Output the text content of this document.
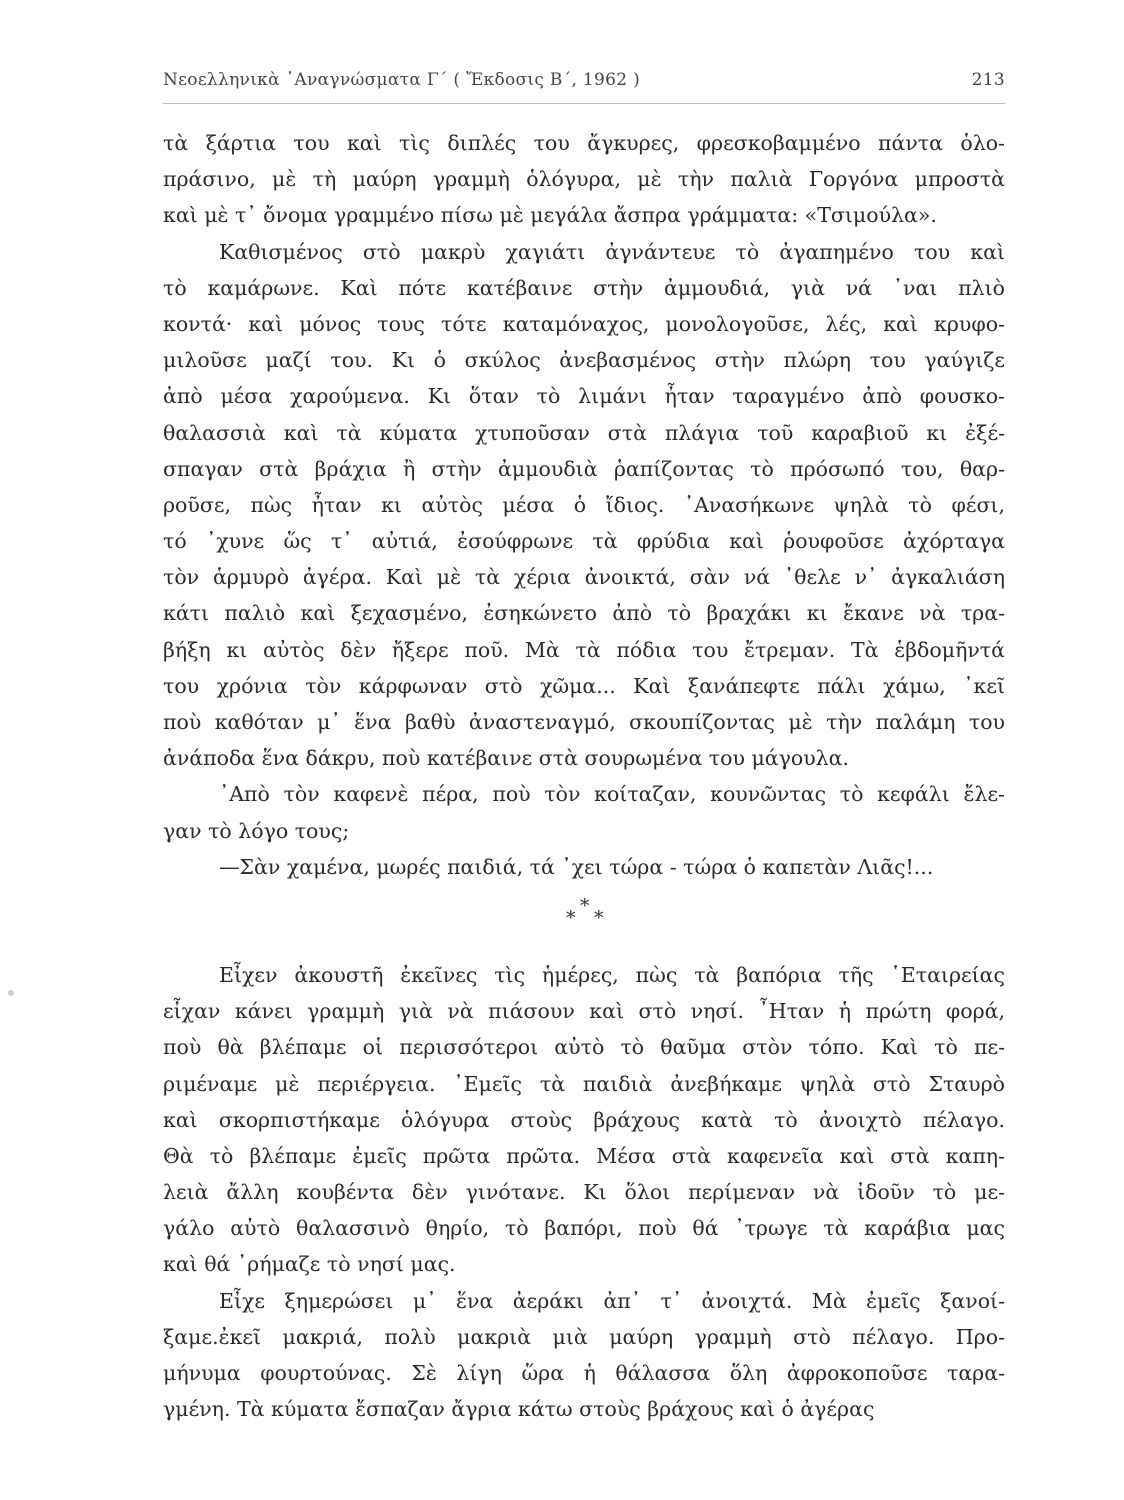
Νεοελληνικὰ ᾿Αναγνώσματα Γ΄ ( Ἔκδοσις Β΄, 1962 )	213
τὰ ξάρτια του καὶ τὶς διπλές του ἄγκυρες, φρεσκοβαμμένο πάντα ὁλο-
πράσινο, μὲ τὴ μαύρη γραμμὴ ὁλόγυρα, μὲ τὴν παλιὰ Γοργόνα μπροστὰ
καὶ μὲ τ᾿ ὄνομα γραμμένο πίσω μὲ μεγάλα ἄσπρα γράμματα: «Τσιμούλα».
Καθισμένος στὸ μακρὺ χαγιάτι ἀγνάντευε τὸ ἀγαπημένο του καὶ
τὸ καμάρωνε. Καὶ πότε κατέβαινε στὴν ἀμμουδιά, γιὰ νά ᾿ναι πλιὸ
κοντά· καὶ μόνος τους τότε καταμόναχος, μονολογοῦσε, λές, καὶ κρυφο-
μιλοῦσε μαζί του. Κι ὁ σκύλος ἀνεβασμένος στὴν πλώρη του γαύγιζε
ἀπὸ μέσα χαρούμενα. Κι ὅταν τὸ λιμάνι ἦταν ταραγμένο ἀπὸ φουσκο-
θαλασσιὰ καὶ τὰ κύματα χτυποῦσαν στὰ πλάγια τοῦ καραβιοῦ κι ἐξέ-
σπαγαν στὰ βράχια ἢ στὴν ἀμμουδιὰ ῥαπίζοντας τὸ πρόσωπό του, θαρ-
ροῦσε, πὼς ἦταν κι αὐτὸς μέσα ὁ ἴδιος. ᾿Ανασήκωνε ψηλὰ τὸ φέσι,
τό ᾿χυνε ὥς τ᾿ αὐτιά, ἐσούφρωνε τὰ φρύδια καὶ ῥουφοῦσε ἀχόρταγα
τὸν ἁρμυρὸ ἀγέρα. Καὶ μὲ τὰ χέρια ἀνοικτά, σὰν νά ᾿θελε ν᾿ ἀγκαλιάση
κάτι παλιὸ καὶ ξεχασμένο, ἐσηκώνετο ἀπὸ τὸ βραχάκι κι ἔκανε νὰ τρα-
βήξη κι αὐτὸς δὲν ἤξερε ποῦ. Μὰ τὰ πόδια του ἔτρεμαν. Τὰ ἑβδομῆντά
του χρόνια τὸν κάρφωναν στὸ χῶμα... Καὶ ξανάπεφτε πάλι χάμω, ᾿κεῖ
ποὺ καθόταν μ᾿ ἕνα βαθὺ ἀναστεναγμό, σκουπίζοντας μὲ τὴν παλάμη του
ἀνάποδα ἕνα δάκρυ, ποὺ κατέβαινε στὰ σουρωμένα του μάγουλα.
᾿Απὸ τὸν καφενὲ πέρα, ποὺ τὸν κοίταζαν, κουνῶντας τὸ κεφάλι ἔλε-
γαν τὸ λόγο τους;
—Σὰν χαμένα, μωρές παιδιά, τά ᾿χει τώρα - τώρα ὁ καπετὰν Λιᾶς!...
*
* *
Εἶχεν ἀκουστῆ ἐκεῖνες τὶς ἡμέρες, πὼς τὰ βαπόρια τῆς ῾Εταιρείας
εἶχαν κάνει γραμμὴ γιὰ νὰ πιάσουν καὶ στὸ νησί. ῏Ηταν ἡ πρώτη φορά,
ποὺ θὰ βλέπαμε οἱ περισσότεροι αὐτὸ τὸ θαῦμα στὸν τόπο. Καὶ τὸ πε-
ριμέναμε μὲ περιέργεια. ᾿Εμεῖς τὰ παιδιὰ ἀνεβήκαμε ψηλὰ στὸ Σταυρὸ
καὶ σκορπιστήκαμε ὁλόγυρα στοὺς βράχους κατὰ τὸ ἀνοιχτὸ πέλαγο.
Θὰ τὸ βλέπαμε ἐμεῖς πρῶτα πρῶτα. Μέσα στὰ καφενεῖα καὶ στὰ καπη-
λειὰ ἄλλη κουβέντα δὲν γινότανε. Κι ὅλοι περίμεναν νὰ ἰδοῦν τὸ με-
γάλο αὐτὸ θαλασσινὸ θηρίο, τὸ βαπόρι, ποὺ θά ᾿τρωγε τὰ καράβια μας
καὶ θά ᾿ρήμαζε τὸ νησί μας.
Εἶχε ξημερώσει μ᾿ ἕνα ἀεράκι ἀπ᾿ τ᾿ ἀνοιχτά. Μὰ ἐμεῖς ξανοί-
ξαμε.ἐκεῖ μακριά, πολὺ μακριὰ μιὰ μαύρη γραμμὴ στὸ πέλαγο. Προ-
μήνυμα φουρτούνας. Σὲ λίγη ὥρα ἡ θάλασσα ὅλη ἀφροκοποῦσε ταρα-
γμένη. Τὰ κύματα ἔσπαζαν ἄγρια κάτω στοὺς βράχους καὶ ὁ ἀγέρας
